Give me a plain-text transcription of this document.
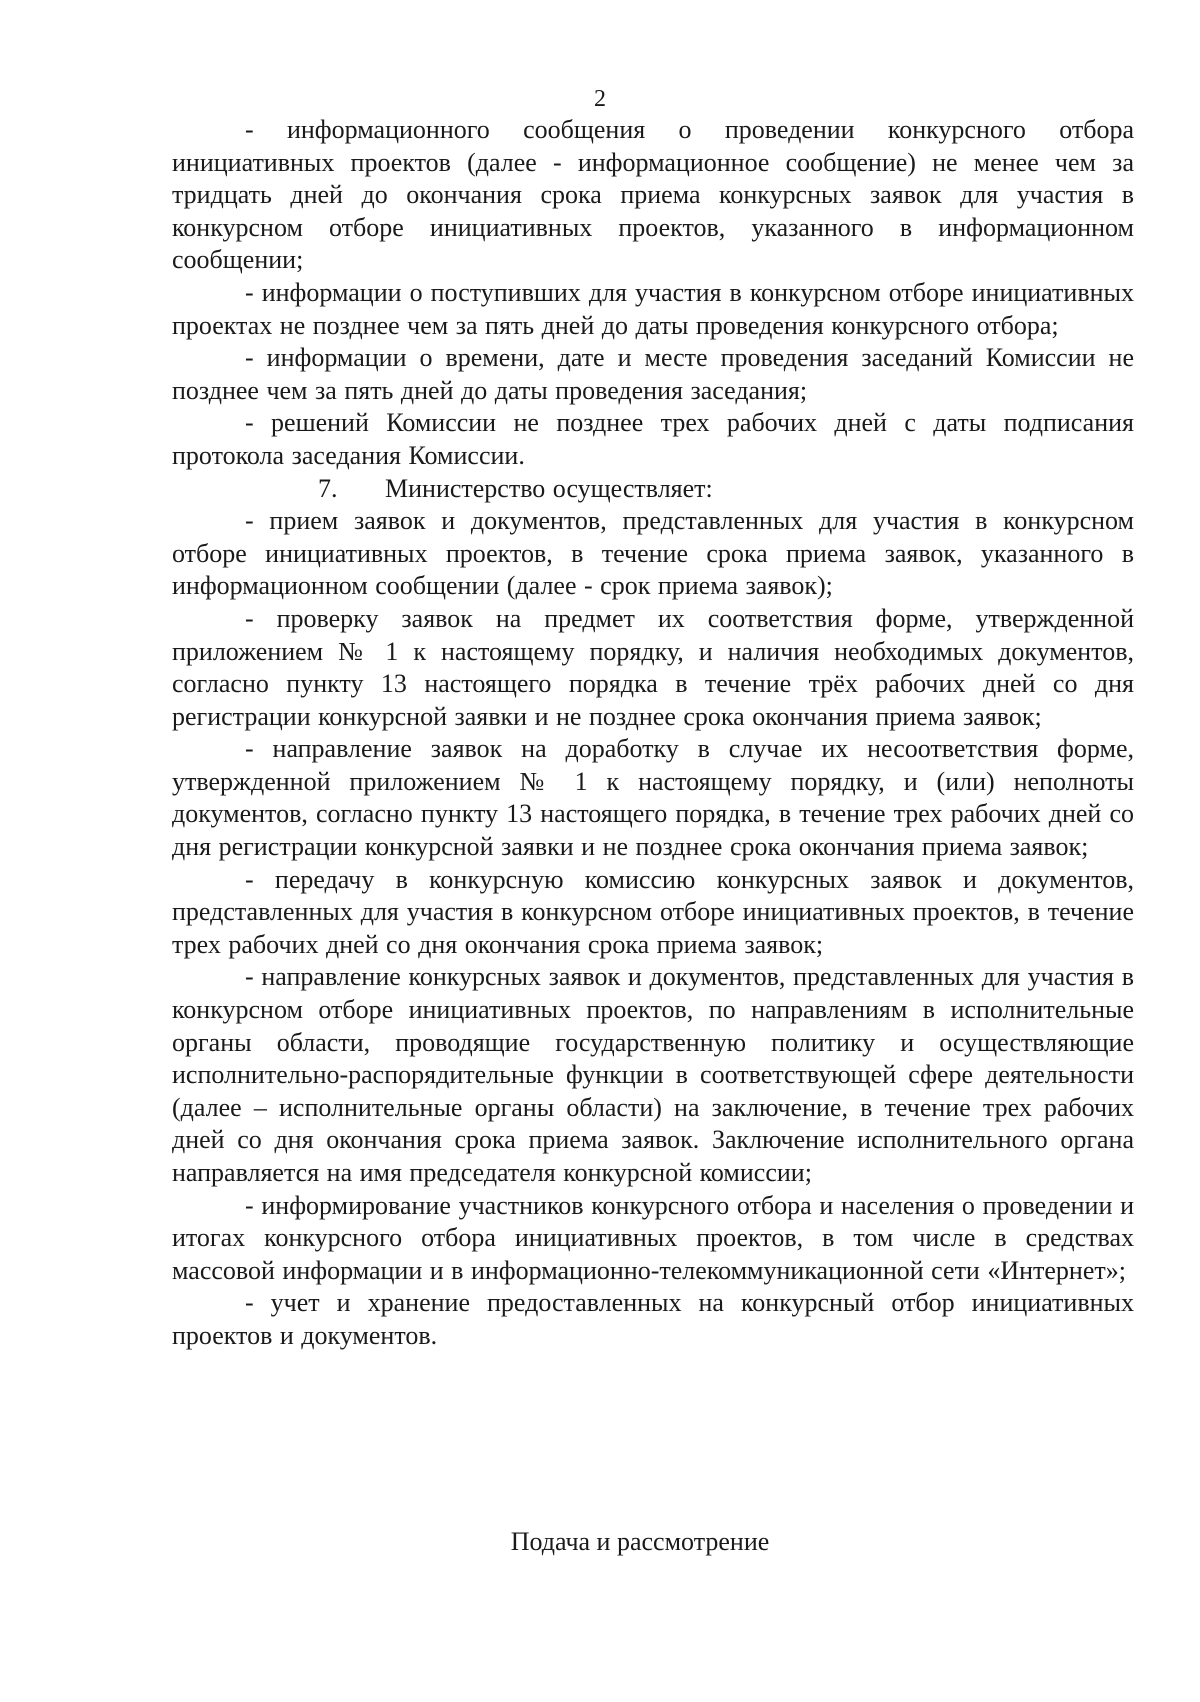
2

- информационного сообщения о проведении конкурсного отбора инициативных проектов (далее - информационное сообщение) не менее чем за тридцать дней до окончания срока приема конкурсных заявок для участия в конкурсном отборе инициативных проектов, указанного в информационном сообщении;

- информации о поступивших для участия в конкурсном отборе инициативных проектах не позднее чем за пять дней до даты проведения конкурсного отбора;

- информации о времени, дате и месте проведения заседаний Комиссии не позднее чем за пять дней до даты проведения заседания;

- решений Комиссии не позднее трех рабочих дней с даты подписания протокола заседания Комиссии.

7.	Министерство осуществляет:

- прием заявок и документов, представленных для участия в конкурсном отборе инициативных проектов, в течение срока приема заявок, указанного в информационном сообщении (далее - срок приема заявок);

- проверку заявок на предмет их соответствия форме, утвержденной приложением № 1 к настоящему порядку, и наличия необходимых документов, согласно пункту 13 настоящего порядка в течение трёх рабочих дней со дня регистрации конкурсной заявки и не позднее срока окончания приема заявок;

- направление заявок на доработку в случае их несоответствия форме, утвержденной приложением № 1 к настоящему порядку, и (или) неполноты документов, согласно пункту 13 настоящего порядка, в течение трех рабочих дней со дня регистрации конкурсной заявки и не позднее срока окончания приема заявок;

- передачу в конкурсную комиссию конкурсных заявок и документов, представленных для участия в конкурсном отборе инициативных проектов, в течение трех рабочих дней со дня окончания срока приема заявок;

- направление конкурсных заявок и документов, представленных для участия в конкурсном отборе инициативных проектов, по направлениям в исполнительные органы области, проводящие государственную политику и осуществляющие исполнительно-распорядительные функции в соответствующей сфере деятельности (далее – исполнительные органы области) на заключение, в течение трех рабочих дней со дня окончания срока приема заявок. Заключение исполнительного органа направляется на имя председателя конкурсной комиссии;

- информирование участников конкурсного отбора и населения о проведении и итогах конкурсного отбора инициативных проектов, в том числе в средствах массовой информации и в информационно-телекоммуникационной сети «Интернет»;

- учет и хранение предоставленных на конкурсный отбор инициативных проектов и документов.

Подача и рассмотрение
